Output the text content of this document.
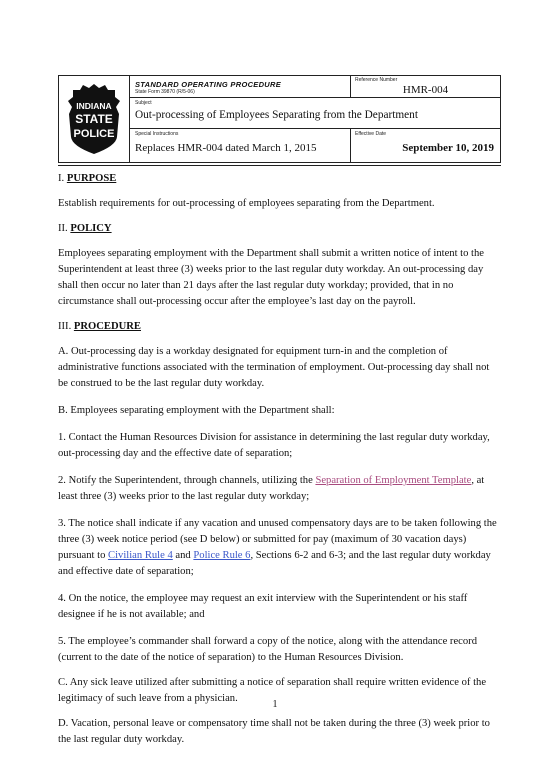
INDIANA
STATE
POLICE
STANDARD OPERATING PROCEDURE
State Form 39870 (R/5-06)
Reference Number
HMR-004
Subject
Out-processing of Employees Separating from the Department
Special Instructions
Replaces HMR-004 dated March 1, 2015
Effective Date
September 10, 2019

I. PURPOSE

Establish requirements for out-processing of employees separating from the Department.

II. POLICY

Employees separating employment with the Department shall submit a written notice of intent to the Superintendent at least three (3) weeks prior to the last regular duty workday. An out-processing day shall then occur no later than 21 days after the last regular duty workday; provided, that in no circumstance shall out-processing occur after the employee’s last day on the payroll.

III. PROCEDURE

A. Out-processing day is a workday designated for equipment turn-in and the completion of administrative functions associated with the termination of employment. Out-processing day shall not be construed to be the last regular duty workday.

B. Employees separating employment with the Department shall:

1. Contact the Human Resources Division for assistance in determining the last regular duty workday, out-processing day and the effective date of separation;

2. Notify the Superintendent, through channels, utilizing the Separation of Employment Template, at least three (3) weeks prior to the last regular duty workday;

3. The notice shall indicate if any vacation and unused compensatory days are to be taken following the three (3) week notice period (see D below) or submitted for pay (maximum of 30 vacation days) pursuant to Civilian Rule 4 and Police Rule 6, Sections 6-2 and 6-3; and the last regular duty workday and effective date of separation;

4. On the notice, the employee may request an exit interview with the Superintendent or his staff designee if he is not available; and

5. The employee’s commander shall forward a copy of the notice, along with the attendance record (current to the date of the notice of separation) to the Human Resources Division.

C. Any sick leave utilized after submitting a notice of separation shall require written evidence of the legitimacy of such leave from a physician.

D. Vacation, personal leave or compensatory time shall not be taken during the three (3) week prior to the last regular duty workday.

1
